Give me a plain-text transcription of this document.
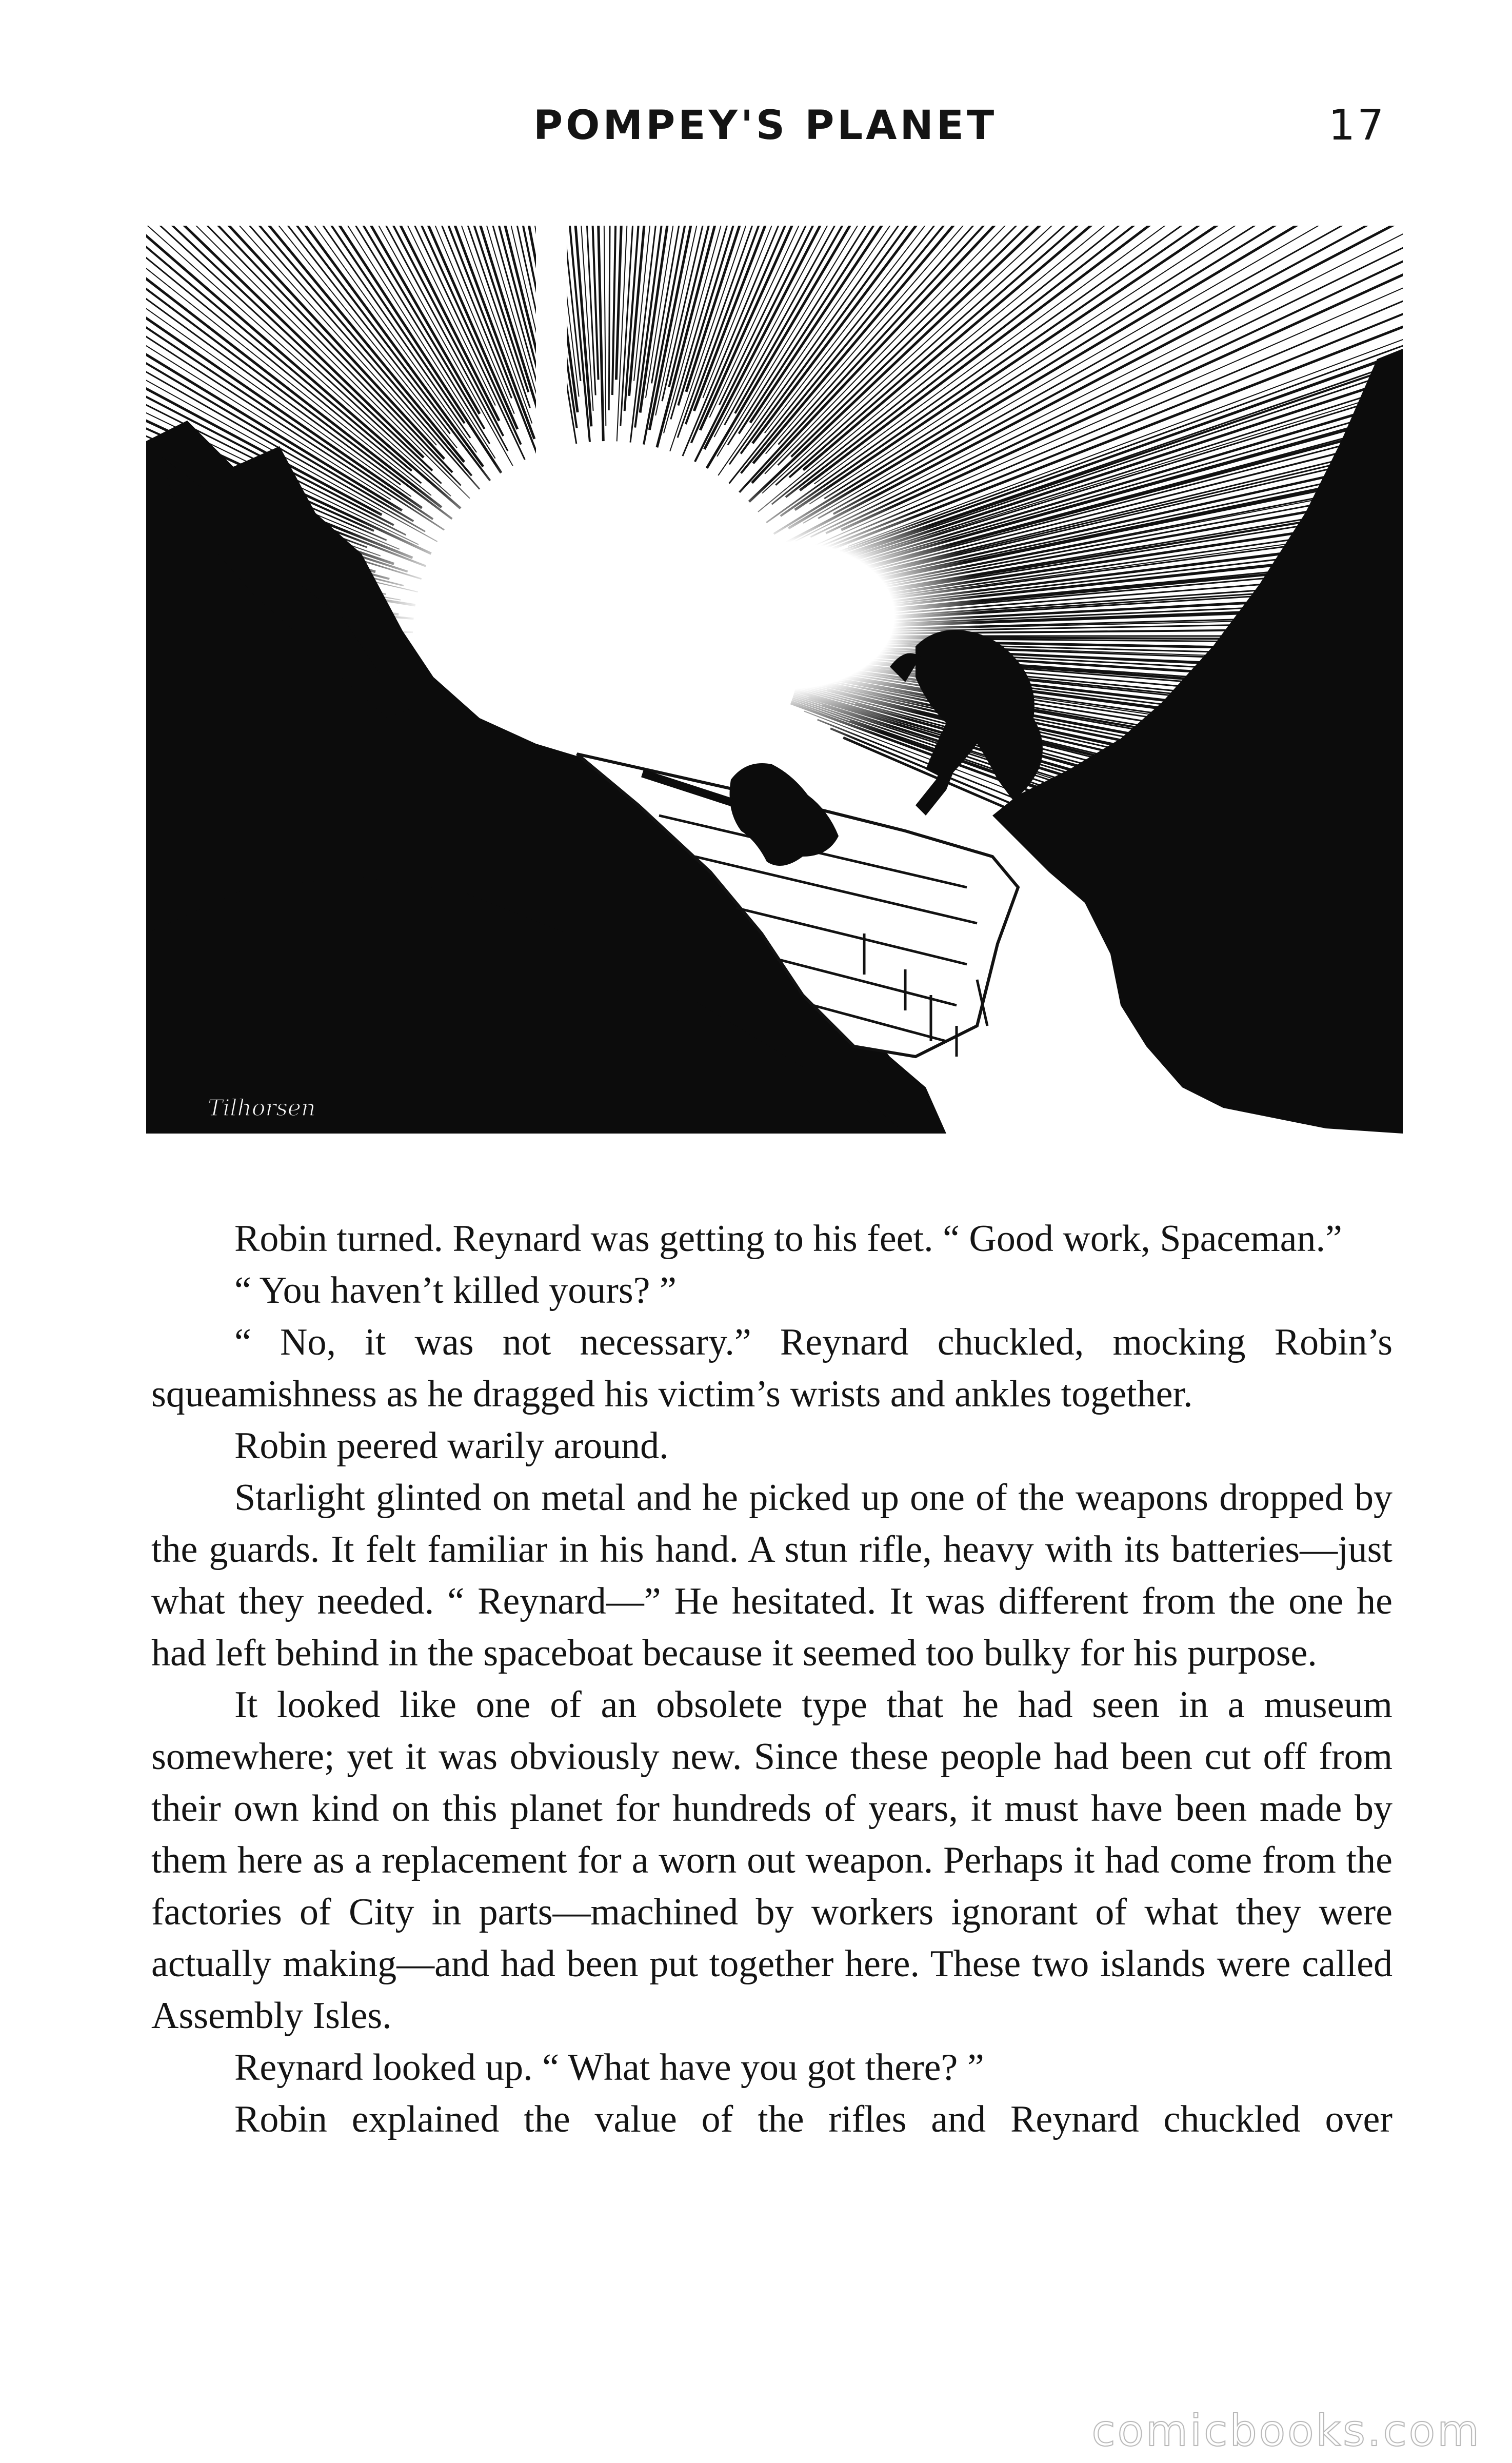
POMPEY'S PLANET	17
Tilhorsen

Robin turned. Reynard was getting to his feet. “ Good work, Spaceman.”

“ You haven’t killed yours? ”

“ No, it was not necessary.” Reynard chuckled, mocking Robin’s squeamishness as he dragged his victim’s wrists and ankles together.

Robin peered warily around.

Starlight glinted on metal and he picked up one of the weapons dropped by the guards. It felt familiar in his hand. A stun rifle, heavy with its batteries—just what they needed. “ Reynard—” He hesitated. It was different from the one he had left behind in the spaceboat because it seemed too bulky for his purpose.

It looked like one of an obsolete type that he had seen in a museum somewhere; yet it was obviously new. Since these people had been cut off from their own kind on this planet for hundreds of years, it must have been made by them here as a replacement for a worn out weapon. Perhaps it had come from the factories of City in parts—machined by workers ignorant of what they were actually making—and had been put together here. These two islands were called Assembly Isles.

Reynard looked up. “ What have you got there? ”

Robin explained the value of the rifles and Reynard chuckled over

comicbooks.com
